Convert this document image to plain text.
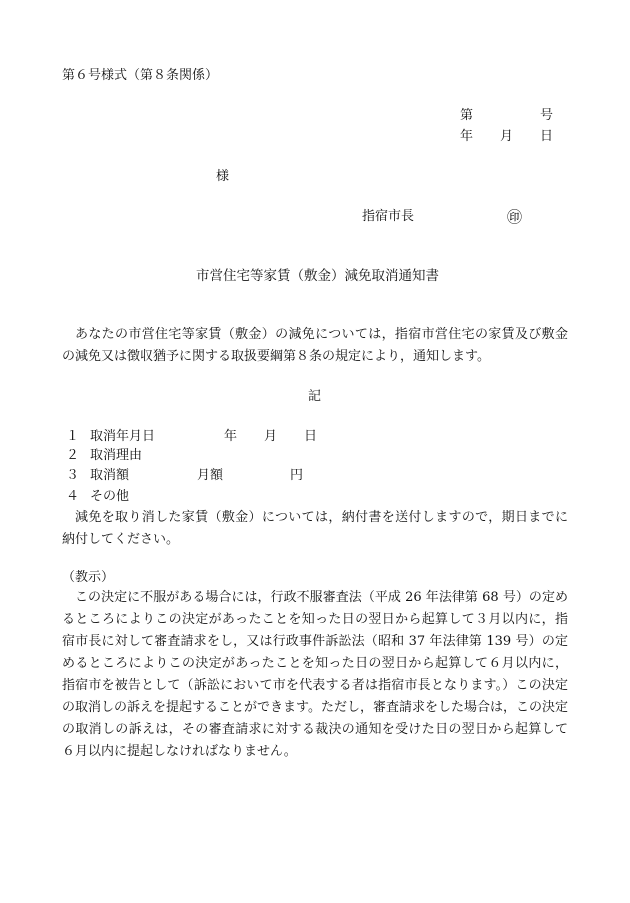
第６号様式（第８条関係）
第	号
年 月 日
様
指宿市長	㊞
市営住宅等家賃（敷金）減免取消通知書

あなたの市営住宅等家賃（敷金）の減免については，指宿市営住宅の家賃及び敷金の減免又は徴収猶予に関する取扱要綱第８条の規定により，通知します。

記
１ 取消年月日	年 月 日
２ 取消理由
３ 取消額	月額	円
４ その他

減免を取り消した家賃（敷金）については，納付書を送付しますので，期日までに納付してください。

（教示）

この決定に不服がある場合には，行政不服審査法（平成 26 年法律第 68 号）の定めるところによりこの決定があったことを知った日の翌日から起算して３月以内に，指宿市長に対して審査請求をし，又は行政事件訴訟法（昭和 37 年法律第 139 号）の定めるところによりこの決定があったことを知った日の翌日から起算して６月以内に，指宿市を被告として（訴訟において市を代表する者は指宿市長となります。）この決定の取消しの訴えを提起することができます。ただし，審査請求をした場合は，この決定の取消しの訴えは，その審査請求に対する裁決の通知を受けた日の翌日から起算して６月以内に提起しなければなりません。
